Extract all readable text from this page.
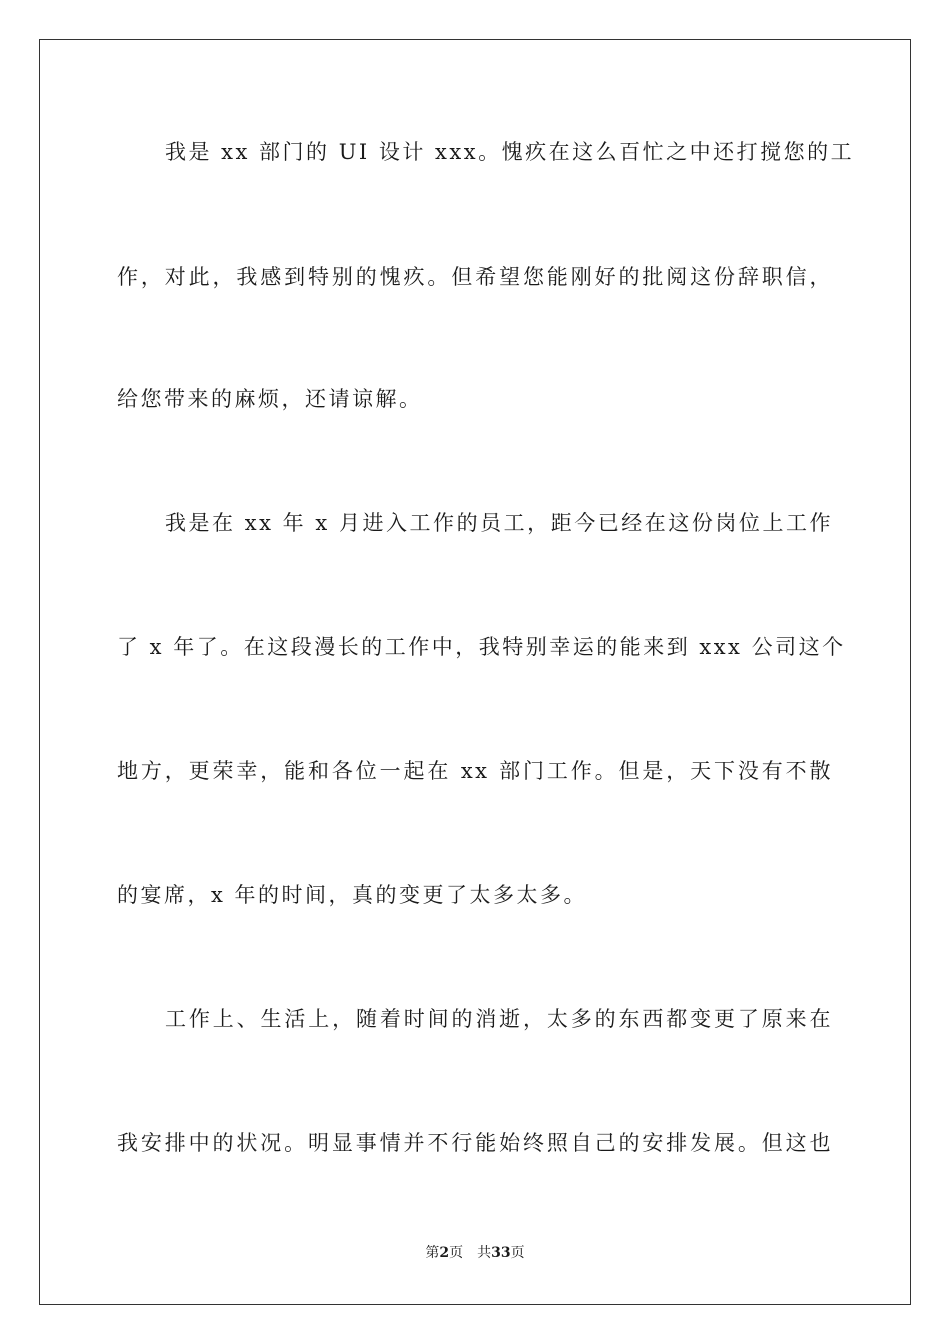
我是 xx 部门的 UI 设计 xxx。愧疚在这么百忙之中还打搅您的工
作，对此，我感到特别的愧疚。但希望您能刚好的批阅这份辞职信，
给您带来的麻烦，还请谅解。
我是在 xx 年 x 月进入工作的员工，距今已经在这份岗位上工作
了 x 年了。在这段漫长的工作中，我特别幸运的能来到 xxx 公司这个
地方，更荣幸，能和各位一起在 xx 部门工作。但是，天下没有不散
的宴席，x 年的时间，真的变更了太多太多。
工作上、生活上，随着时间的消逝，太多的东西都变更了原来在
我安排中的状况。明显事情并不行能始终照自己的安排发展。但这也
第2页 共33页
